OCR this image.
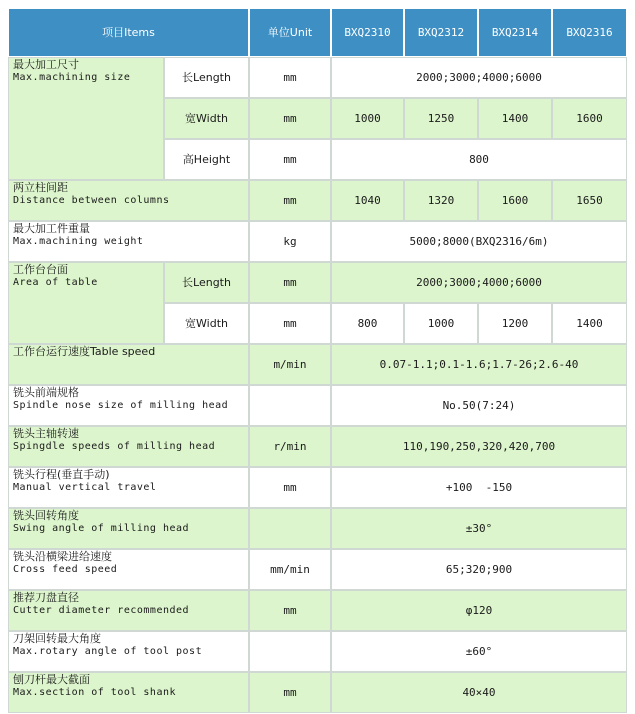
项目Items	单位Unit	BXQ2310	BXQ2312	BXQ2314	BXQ2316
最大加工尺寸
Max.machining size	长Length	mm	2000;3000;4000;6000
宽Width	mm	1000	1250	1400	1600
高Height	mm	800
两立柱间距
Distance between columns	mm	1040	1320	1600	1650
最大加工件重量
Max.machining weight	kg	5000;8000(BXQ2316/6m)
工作台台面
Area of table	长Length	mm	2000;3000;4000;6000
宽Width	mm	800	1000	1200	1400
工作台运行速度Table speed
m/min	0.07-1.1;0.1-1.6;1.7-26;2.6-40
铣头前端规格
Spindle nose size of milling head	No.50(7:24)
铣头主轴转速
Spingdle speeds of milling head	r/min	110,190,250,320,420,700
铣头行程(垂直手动)
Manual vertical travel	mm	+100  -150
铣头回转角度
Swing angle of milling head	±30°
铣头沿横梁进给速度
Cross feed speed	mm/min	65;320;900
推荐刀盘直径
Cutter diameter recommended	mm	φ120
刀架回转最大角度
Max.rotary angle of tool post	±60°
刨刀杆最大截面
Max.section of tool shank	mm	40×40
